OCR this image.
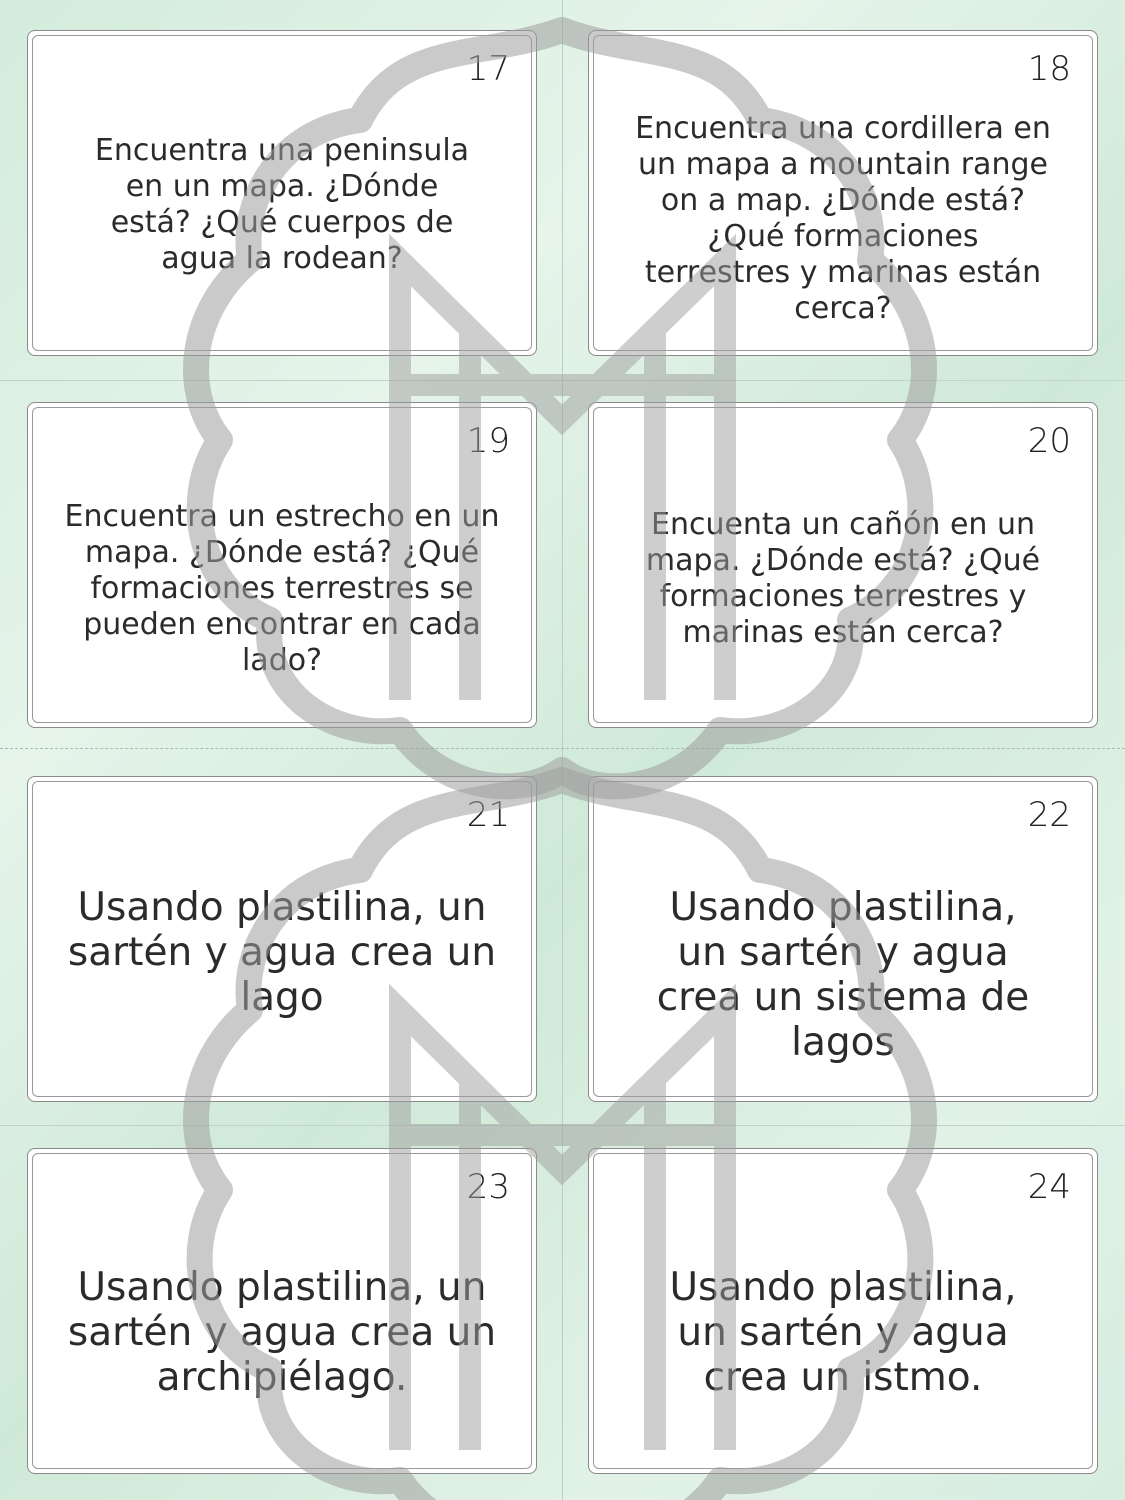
17
Encuentra una peninsula en un mapa. ¿Dónde está? ¿Qué cuerpos de agua la rodean?
18
Encuentra una cordillera en un mapa a mountain range on a map. ¿Dónde está? ¿Qué formaciones terrestres y marinas están cerca?
19
Encuentra un estrecho en un mapa. ¿Dónde está? ¿Qué formaciones terrestres se pueden encontrar en cada lado?
20
Encuenta un cañón en un mapa. ¿Dónde está? ¿Qué formaciones terrestres y marinas están cerca?
21
Usando plastilina, un sartén y agua crea un lago
22
Usando plastilina, un sartén y agua crea un sistema de lagos
23
Usando plastilina, un sartén y agua crea un archipiélago.
24
Usando plastilina, un sartén y agua crea un istmo.
